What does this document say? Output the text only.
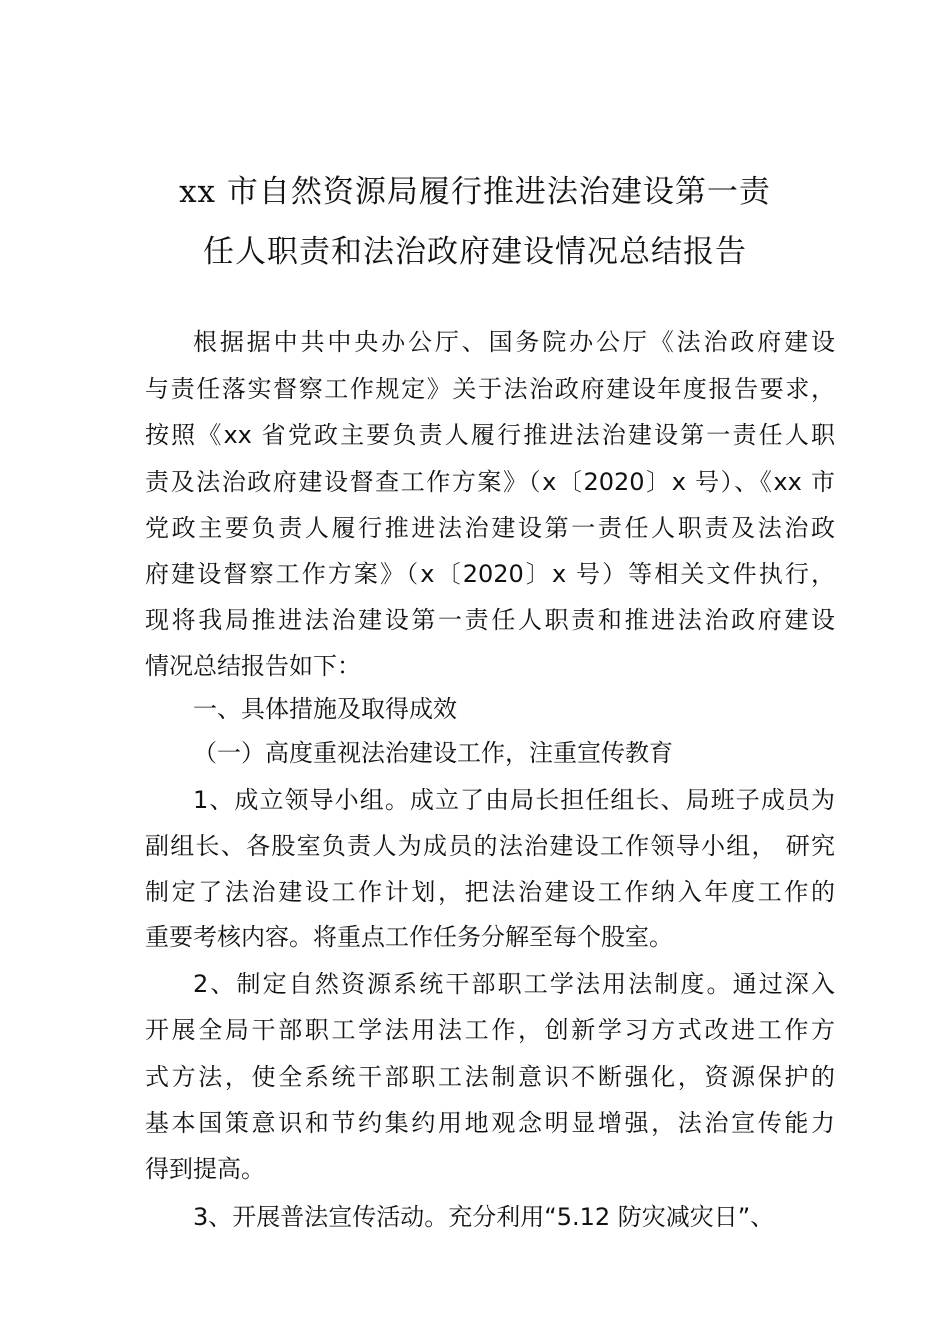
xx 市自然资源局履行推进法治建设第一责
任人职责和法治政府建设情况总结报告
根据据中共中央办公厅、国务院办公厅《法治政府建设
与责任落实督察工作规定》关于法治政府建设年度报告要求，
按照《xx 省党政主要负责人履行推进法治建设第一责任人职
责及法治政府建设督查工作方案》（x〔2020〕x 号）、《xx 市
党政主要负责人履行推进法治建设第一责任人职责及法治政
府建设督察工作方案》（x〔2020〕x 号）等相关文件执行，
现将我局推进法治建设第一责任人职责和推进法治政府建设
情况总结报告如下：
一、具体措施及取得成效
（一）高度重视法治建设工作，注重宣传教育
1、成立领导小组。成立了由局长担任组长、局班子成员为
副组长、各股室负责人为成员的法治建设工作领导小组， 研究
制定了法治建设工作计划，把法治建设工作纳入年度工作的
重要考核内容。将重点工作任务分解至每个股室。
2、制定自然资源系统干部职工学法用法制度。通过深入
开展全局干部职工学法用法工作，创新学习方式改进工作方
式方法，使全系统干部职工法制意识不断强化，资源保护的
基本国策意识和节约集约用地观念明显增强，法治宣传能力
得到提高。
3、开展普法宣传活动。充分利用“5.12 防灾减灾日”、
